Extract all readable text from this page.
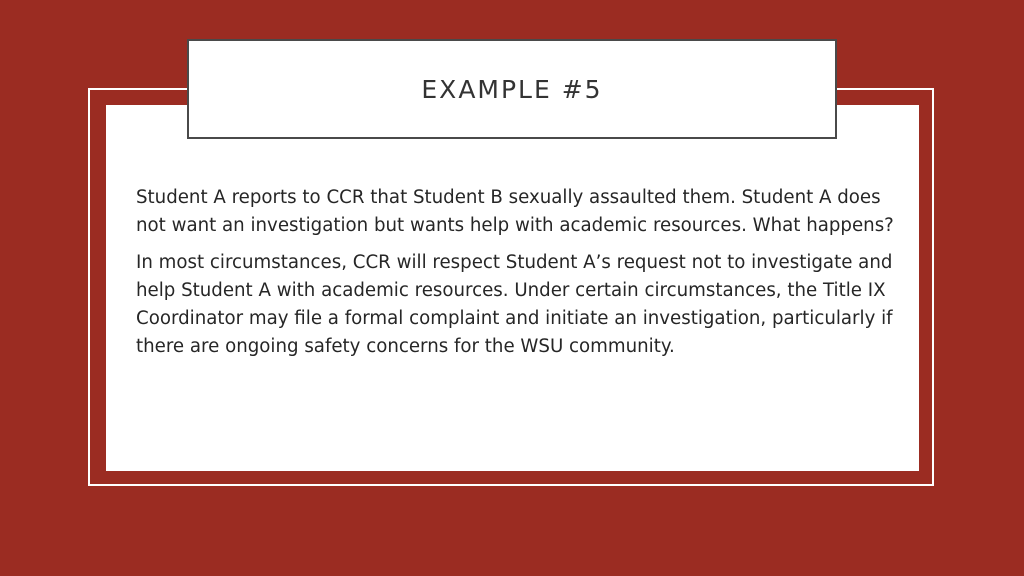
EXAMPLE #5

Student A reports to CCR that Student B sexually assaulted them. Student A does not want an investigation but wants help with academic resources. What happens?

In most circumstances, CCR will respect Student A’s request not to investigate and help Student A with academic resources. Under certain circumstances, the Title IX Coordinator may file a formal complaint and initiate an investigation, particularly if there are ongoing safety concerns for the WSU community.
